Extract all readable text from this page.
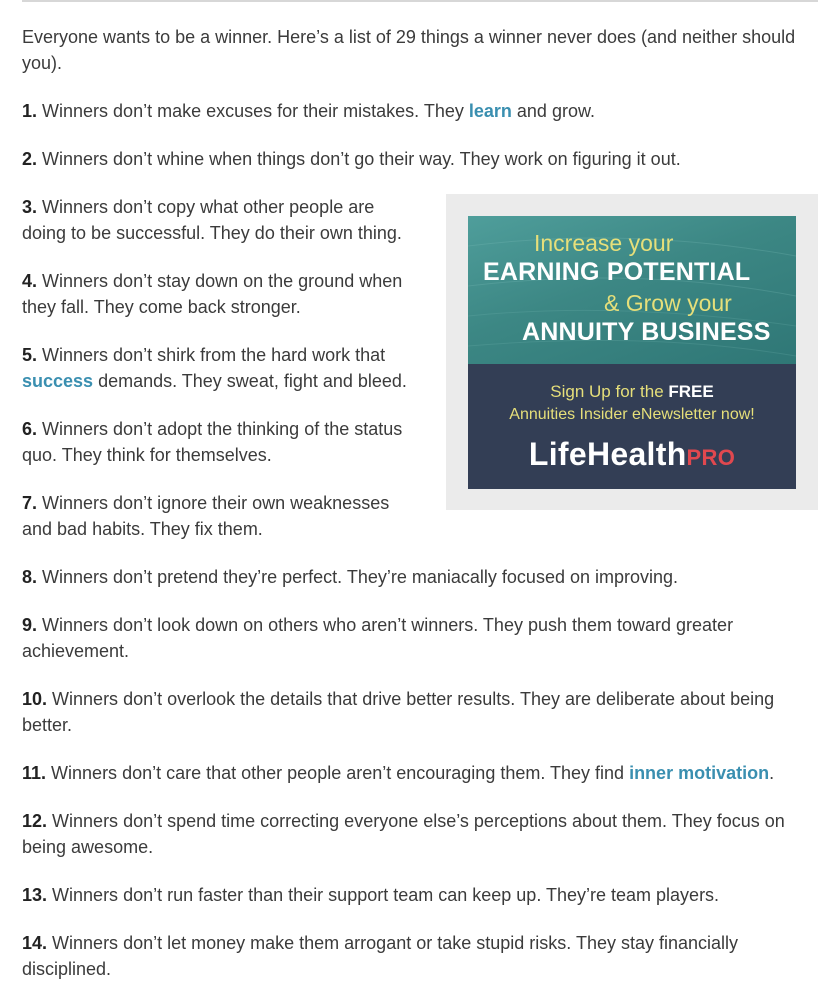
Everyone wants to be a winner. Here’s a list of 29 things a winner never does (and neither should you).

1. Winners don’t make excuses for their mistakes. They learn and grow.

2. Winners don’t whine when things don’t go their way. They work on figuring it out.

3. Winners don’t copy what other people are doing to be successful. They do their own thing.

4. Winners don’t stay down on the ground when they fall. They come back stronger.

5. Winners don’t shirk from the hard work that success demands. They sweat, fight and bleed.

6. Winners don’t adopt the thinking of the status quo. They think for themselves.

7. Winners don’t ignore their own weaknesses and bad habits. They fix them.

8. Winners don’t pretend they’re perfect. They’re maniacally focused on improving.

9. Winners don’t look down on others who aren’t winners. They push them toward greater achievement.

10. Winners don’t overlook the details that drive better results. They are deliberate about being better.

11. Winners don’t care that other people aren’t encouraging them. They find inner motivation.

12. Winners don’t spend time correcting everyone else’s perceptions about them. They focus on being awesome.

13. Winners don’t run faster than their support team can keep up. They’re team players.

14. Winners don’t let money make them arrogant or take stupid risks. They stay financially disciplined.

Increase your
EARNING POTENTIAL
& Grow your
ANNUITY BUSINESS
Sign Up for the FREE
Annuities Insider eNewsletter now!
LifeHealthPRO
